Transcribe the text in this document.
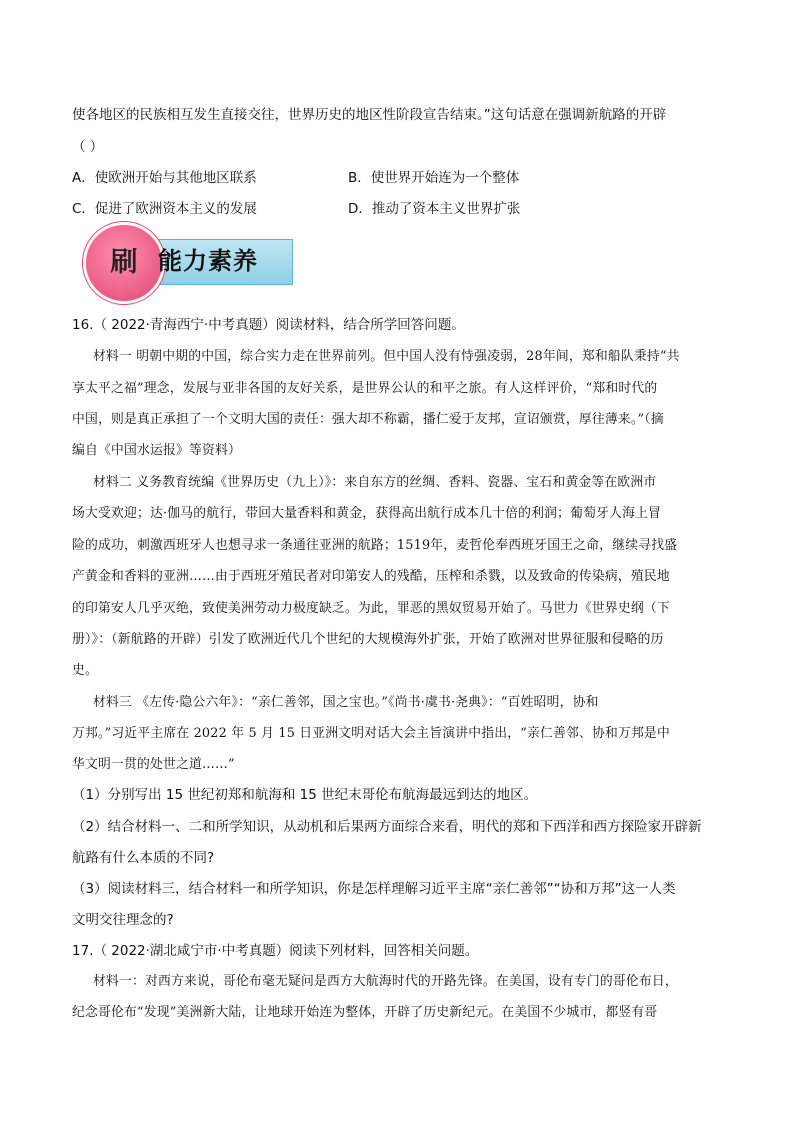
使各地区的民族相互发生直接交往，世界历史的地区性阶段宣告结束。”这句话意在强调新航路的开辟
（ ）
A．使欧洲开始与其他地区联系	B．使世界开始连为一个整体
C．促进了欧洲资本主义的发展	D．推动了资本主义世界扩张
刷 能力素养
16.（ 2022·青海西宁·中考真题）阅读材料，结合所学回答问题。
材料一 明朝中期的中国，综合实力走在世界前列。但中国人没有恃强凌弱，28年间，郑和船队秉持“共
享太平之福”理念，发展与亚非各国的友好关系，是世界公认的和平之旅。有人这样评价，“郑和时代的
中国，则是真正承担了一个文明大国的责任：强大却不称霸，播仁爱于友邦，宣诏颁赏，厚往薄来。”（摘
编自《中国水运报》等资料）
材料二 义务教育统编《世界历史（九上）》：来自东方的丝绸、香料、瓷器、宝石和黄金等在欧洲市
场大受欢迎；达·伽马的航行，带回大量香料和黄金，获得高出航行成本几十倍的利润；葡萄牙人海上冒
险的成功，刺激西班牙人也想寻求一条通往亚洲的航路；1519年，麦哲伦奉西班牙国王之命，继续寻找盛
产黄金和香料的亚洲……由于西班牙殖民者对印第安人的残酷，压榨和杀戮，以及致命的传染病，殖民地
的印第安人几乎灭绝，致使美洲劳动力极度缺乏。为此，罪恶的黑奴贸易开始了。马世力《世界史纲（下
册）》：（新航路的开辟）引发了欧洲近代几个世纪的大规模海外扩张，开始了欧洲对世界征服和侵略的历
史。
材料三 《左传·隐公六年》：“亲仁善邻，国之宝也。”《尚书·虞书·尧典》：“百姓昭明，协和
万邦。”习近平主席在 2022 年 5 月 15 日亚洲文明对话大会主旨演讲中指出，“亲仁善邻、协和万邦是中
华文明一贯的处世之道……”
（1）分别写出 15 世纪初郑和航海和 15 世纪末哥伦布航海最远到达的地区。
（2）结合材料一、二和所学知识，从动机和后果两方面综合来看，明代的郑和下西洋和西方探险家开辟新
航路有什么本质的不同?
（3）阅读材料三，结合材料一和所学知识，你是怎样理解习近平主席“亲仁善邻”“协和万邦”这一人类
文明交往理念的?
17.（ 2022·湖北咸宁市·中考真题）阅读下列材料，回答相关问题。
材料一：对西方来说，哥伦布毫无疑问是西方大航海时代的开路先锋。在美国，设有专门的哥伦布日，
纪念哥伦布“发现”美洲新大陆，让地球开始连为整体，开辟了历史新纪元。在美国不少城市，都竖有哥
